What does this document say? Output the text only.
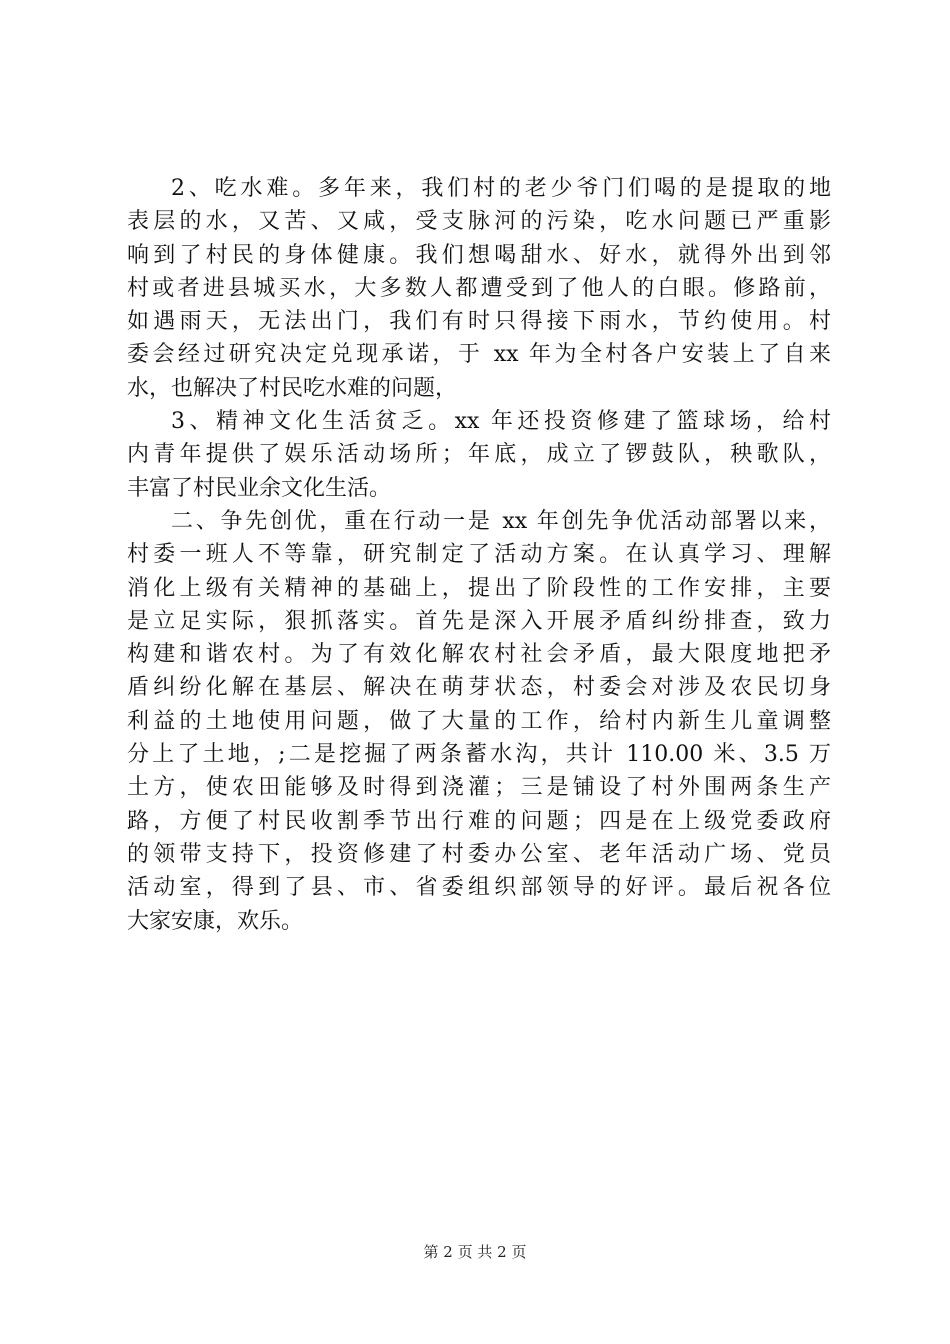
2、吃水难。多年来，我们村的老少爷门们喝的是提取的地
表层的水，又苦、又咸，受支脉河的污染，吃水问题已严重影
响到了村民的身体健康。我们想喝甜水、好水，就得外出到邻
村或者进县城买水，大多数人都遭受到了他人的白眼。修路前，
如遇雨天，无法出门，我们有时只得接下雨水，节约使用。村
委会经过研究决定兑现承诺，于 xx 年为全村各户安装上了自来
水，也解决了村民吃水难的问题，
3、精神文化生活贫乏。xx 年还投资修建了篮球场，给村
内青年提供了娱乐活动场所；年底，成立了锣鼓队，秧歌队，
丰富了村民业余文化生活。
二、争先创优，重在行动一是 xx 年创先争优活动部署以来，
村委一班人不等靠，研究制定了活动方案。在认真学习、理解
消化上级有关精神的基础上，提出了阶段性的工作安排，主要
是立足实际，狠抓落实。首先是深入开展矛盾纠纷排查，致力
构建和谐农村。为了有效化解农村社会矛盾，最大限度地把矛
盾纠纷化解在基层、解决在萌芽状态，村委会对涉及农民切身
利益的土地使用问题，做了大量的工作，给村内新生儿童调整
分上了土地，;二是挖掘了两条蓄水沟，共计 110.00 米、3.5 万
土方，使农田能够及时得到浇灌；三是铺设了村外围两条生产
路，方便了村民收割季节出行难的问题；四是在上级党委政府
的领带支持下，投资修建了村委办公室、老年活动广场、党员
活动室，得到了县、市、省委组织部领导的好评。最后祝各位
大家安康，欢乐。
第 2 页 共 2 页
